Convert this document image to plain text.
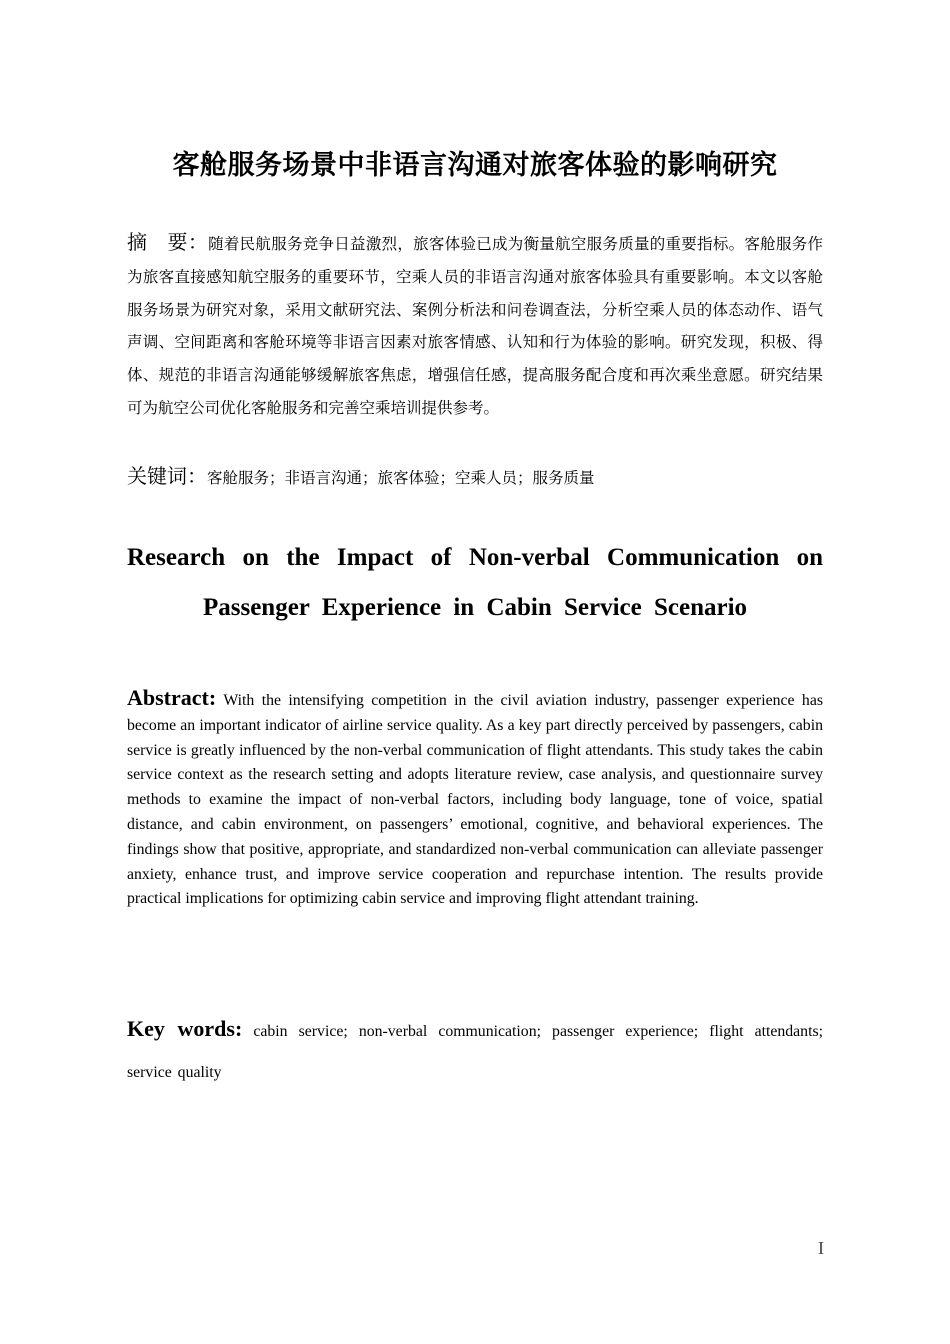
客舱服务场景中非语言沟通对旅客体验的影响研究
摘　要：随着民航服务竞争日益激烈，旅客体验已成为衡量航空服务质量的重要指标。客舱服务作为旅客直接感知航空服务的重要环节，空乘人员的非语言沟通对旅客体验具有重要影响。本文以客舱服务场景为研究对象，采用文献研究法、案例分析法和问卷调查法，分析空乘人员的体态动作、语气声调、空间距离和客舱环境等非语言因素对旅客情感、认知和行为体验的影响。研究发现，积极、得体、规范的非语言沟通能够缓解旅客焦虑，增强信任感，提高服务配合度和再次乘坐意愿。研究结果可为航空公司优化客舱服务和完善空乘培训提供参考。
关键词：客舱服务；非语言沟通；旅客体验；空乘人员；服务质量
Research on the Impact of Non-verbal Communication on
Passenger Experience in Cabin Service Scenario
Abstract: With the intensifying competition in the civil aviation industry, passenger experience has become an important indicator of airline service quality. As a key part directly perceived by passengers, cabin service is greatly influenced by the non-verbal communication of flight attendants. This study takes the cabin service context as the research setting and adopts literature review, case analysis, and questionnaire survey methods to examine the impact of non-verbal factors, including body language, tone of voice, spatial distance, and cabin environment, on passengers’ emotional, cognitive, and behavioral experiences. The findings show that positive, appropriate, and standardized non-verbal communication can alleviate passenger anxiety, enhance trust, and improve service cooperation and repurchase intention. The results provide practical implications for optimizing cabin service and improving flight attendant training.
Key words: cabin service; non-verbal communication; passenger experience; flight attendants; service quality
I
